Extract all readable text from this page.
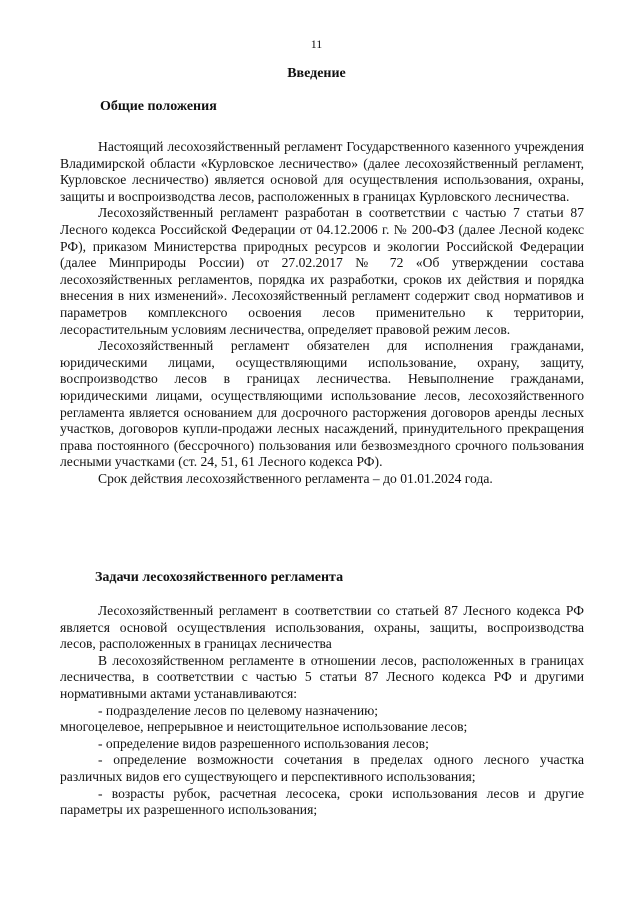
11
Введение
Общие положения

Настоящий лесохозяйственный регламент Государственного казенного учреждения Владимирской области «Курловское лесничество» (далее лесохозяйственный регламент, Курловское лесничество) является основой для осуществления использования, охраны, защиты и воспроизводства лесов, расположенных в границах Курловского лесничества.

Лесохозяйственный регламент разработан в соответствии с частью 7 статьи 87 Лесного кодекса Российской Федерации от 04.12.2006 г. № 200-ФЗ (далее Лесной кодекс РФ), приказом Министерства природных ресурсов и экологии Российской Федерации (далее Минприроды России) от 27.02.2017 № 72 «Об утверждении состава лесохозяйственных регламентов, порядка их разработки, сроков их действия и порядка внесения в них изменений». Лесохозяйственный регламент содержит свод нормативов и параметров комплексного освоения лесов применительно к территории, лесорастительным условиям лесничества, определяет правовой режим лесов.

Лесохозяйственный регламент обязателен для исполнения гражданами, юридическими лицами, осуществляющими использование, охрану, защиту, воспроизводство лесов в границах лесничества. Невыполнение гражданами, юридическими лицами, осуществляющими использование лесов, лесохозяйственного регламента является основанием для досрочного расторжения договоров аренды лесных участков, договоров купли-продажи лесных насаждений, принудительного прекращения права постоянного (бессрочного) пользования или безвозмездного срочного пользования лесными участками (ст. 24, 51, 61 Лесного кодекса РФ).

Срок действия лесохозяйственного регламента – до 01.01.2024 года.

Задачи лесохозяйственного регламента

Лесохозяйственный регламент в соответствии со статьей 87 Лесного кодекса РФ является основой осуществления использования, охраны, защиты, воспроизводства лесов, расположенных в границах лесничества

В лесохозяйственном регламенте в отношении лесов, расположенных в границах лесничества, в соответствии с частью 5 статьи 87 Лесного кодекса РФ и другими нормативными актами устанавливаются:

- подразделение лесов по целевому назначению;

многоцелевое, непрерывное и неистощительное использование лесов;

- определение видов разрешенного использования лесов;

- определение возможности сочетания в пределах одного лесного участка различных видов его существующего и перспективного использования;

- возрасты рубок, расчетная лесосека, сроки использования лесов и другие параметры их разрешенного использования;
